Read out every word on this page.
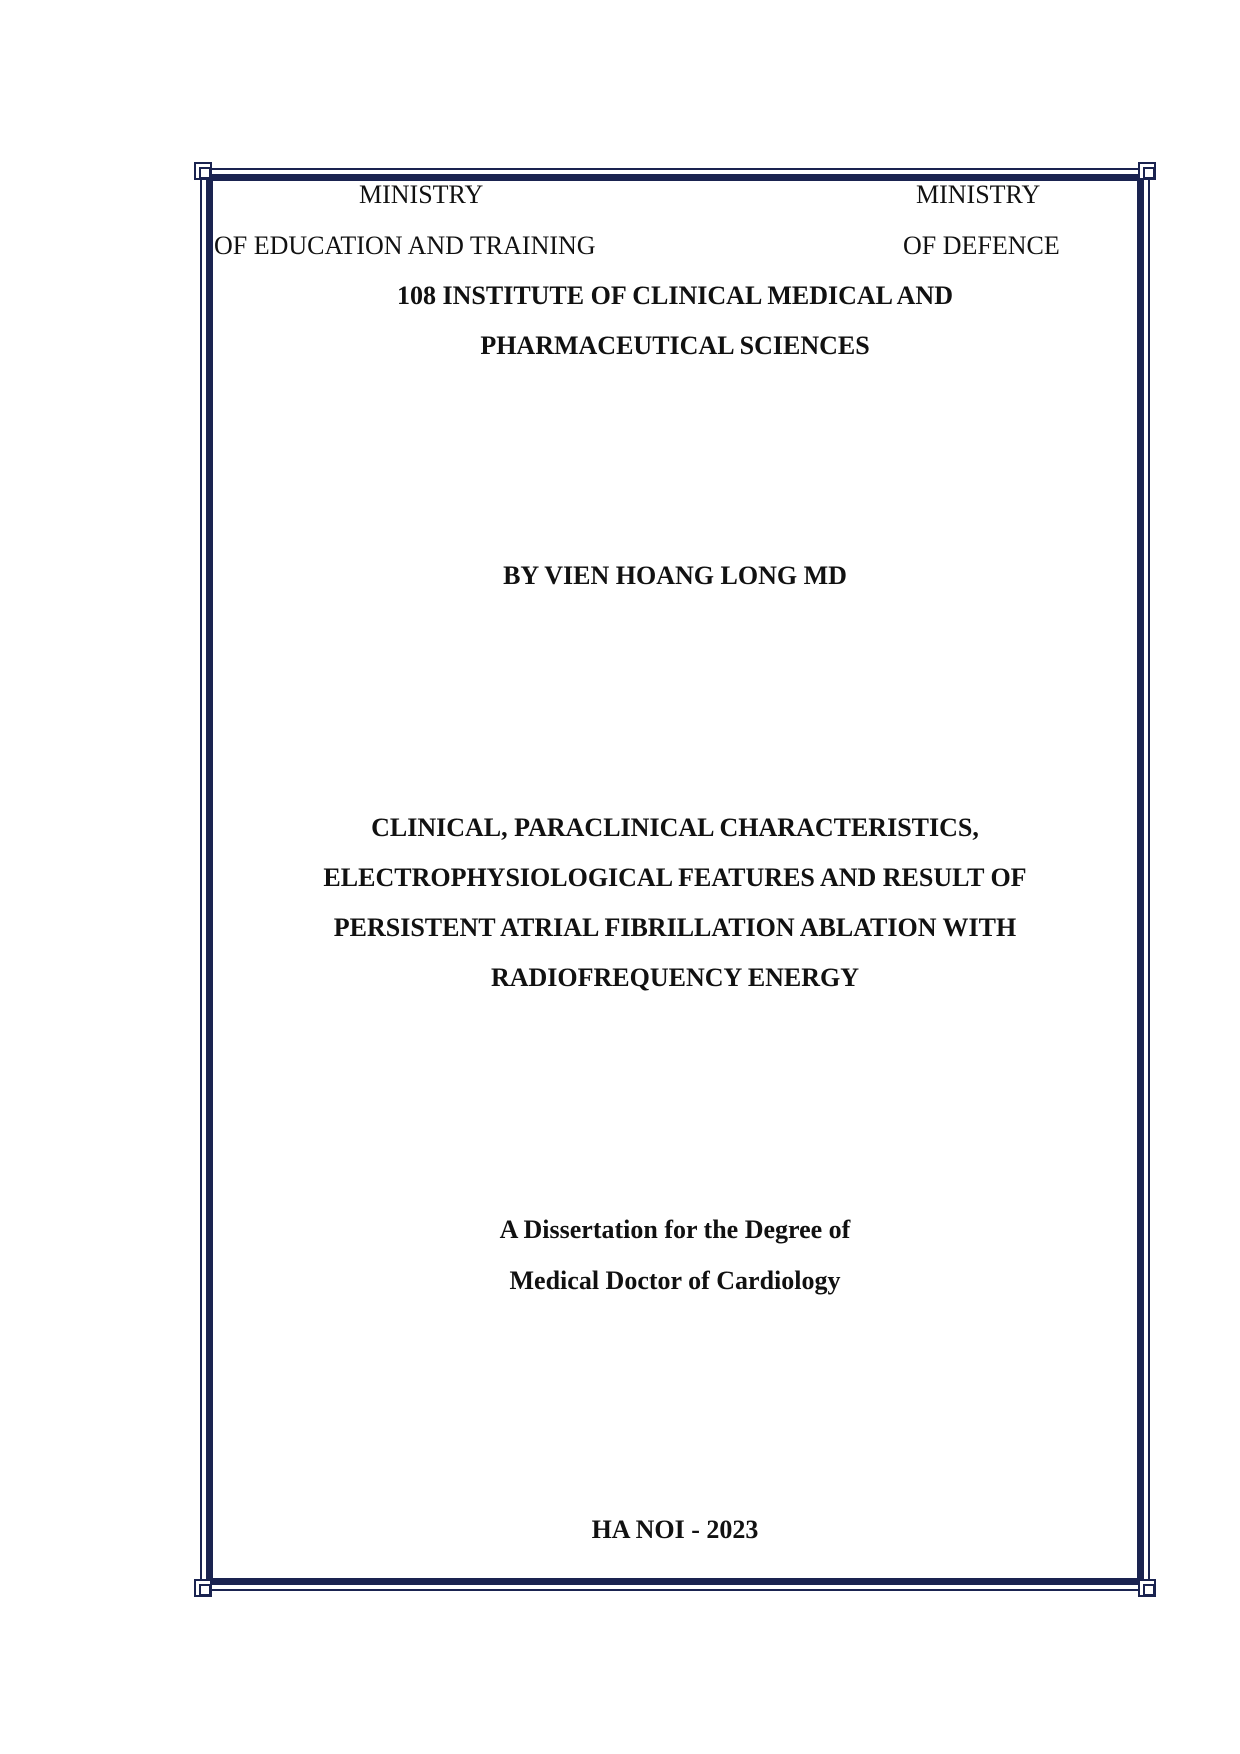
MINISTRY
OF EDUCATION AND TRAINING
MINISTRY
OF DEFENCE
108 INSTITUTE OF CLINICAL MEDICAL AND
PHARMACEUTICAL SCIENCES
BY VIEN HOANG LONG MD
CLINICAL, PARACLINICAL CHARACTERISTICS,
ELECTROPHYSIOLOGICAL FEATURES AND RESULT OF
PERSISTENT ATRIAL FIBRILLATION ABLATION WITH
RADIOFREQUENCY ENERGY
A Dissertation for the Degree of
Medical Doctor of Cardiology
HA NOI - 2023
